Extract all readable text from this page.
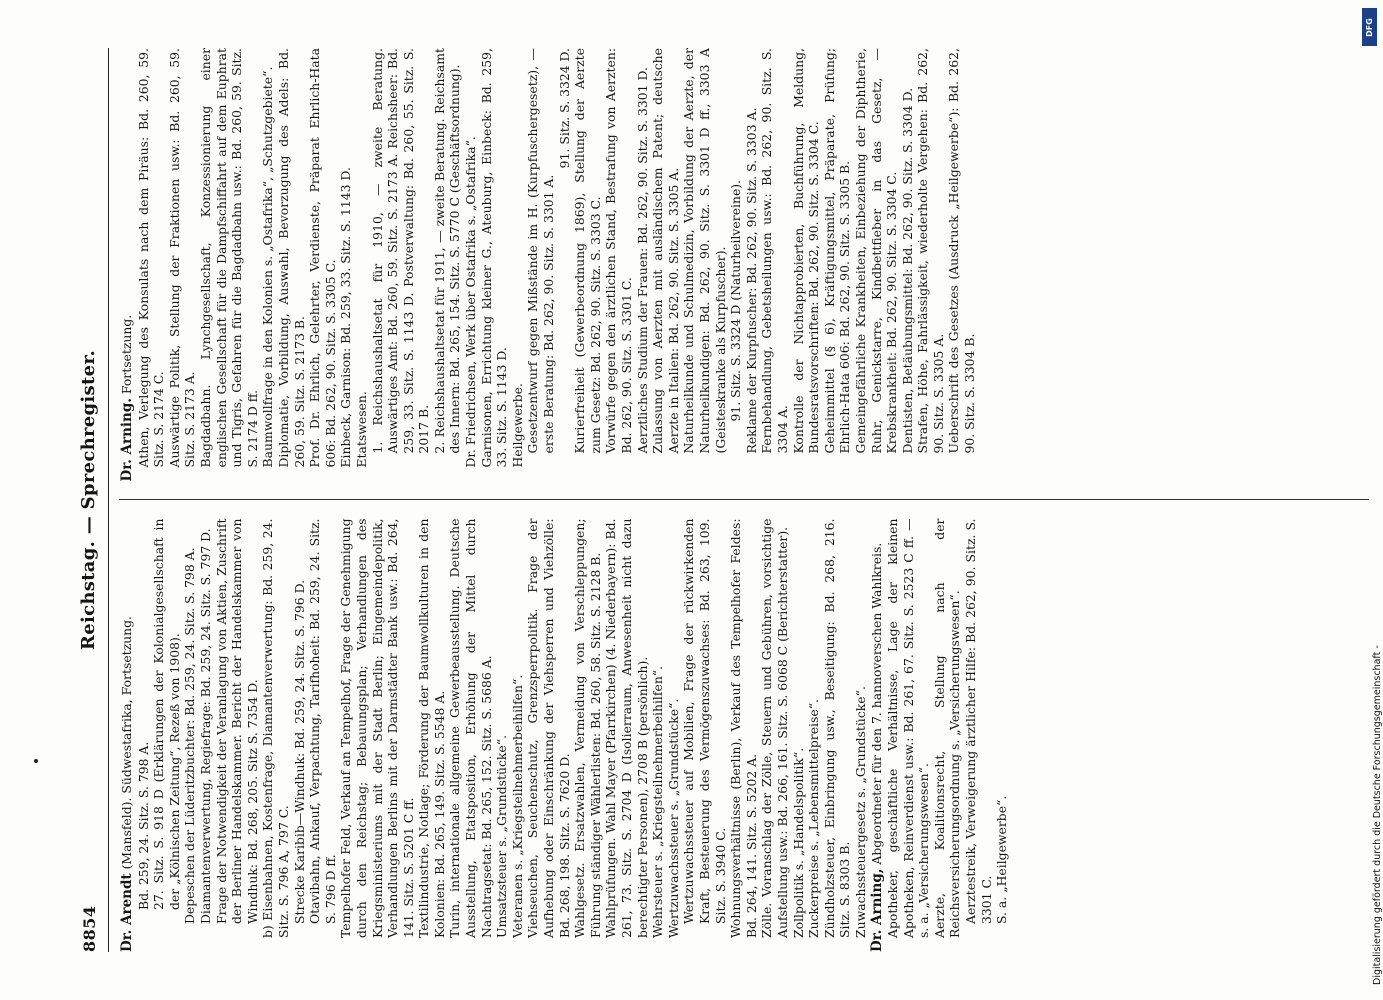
8854
Reichstag. — Sprechregister.

Dr. Arendt (Mansfeld). Südwestafrika, Fortsetzung. Bd. 259, 24. Sitz. S. 798 A. 27. Sitz. S. 918 D (Erklärungen der Kolonialgesellschaft in der „Kölnischen Zeitung“, Rezeß von 1908). Depeschen der Lüderitzbuchter: Bd. 259, 24. Sitz. S. 798 A. Diamantenverwertung, Regiefrage: Bd. 259, 24. Sitz. S. 797 D. Frage der Notwendigkeit der Veranlagung von Aktien, Zuschrift der Berliner Handelskammer. Bericht der Handelskammer von Windhuk: Bd. 268, 205. Sitz S. 7354 D. b) Eisenbahnen, Kostenfrage, Diamantenverwertung: Bd. 259, 24. Sitz. S. 796 A, 797 C. Strecke Karibib—Windhuk: Bd. 259, 24. Sitz. S. 796 D. Otavibahn, Ankauf, Verpachtung, Tarifhoheit: Bd. 259, 24. Sitz. S. 796 D ff. Tempelhofer Feld, Verkauf an Tempelhof, Frage der Genehmigung durch den Reichstag; Bebauungsplan; Verhandlungen des Kriegsministeriums mit der Stadt Berlin; Eingemeindepolitik, Verhandlungen Berlins mit der Darmstädter Bank usw.: Bd. 264, 141. Sitz. S. 5201 C ff. Textilindustrie, Notlage; Förderung der Baumwollkulturen in den Kolonien: Bd. 265, 149. Sitz. S. 5548 A. Turin, internationale allgemeine Gewerbeausstellung. Deutsche Ausstellung, Etatsposition, Erhöhung der Mittel durch Nachtragsetat: Bd. 265, 152. Sitz. S. 5686 A. Umsatzsteuer s. „Grundstücke“. Veteranen s. „Kriegsteilnehmerbeihilfen“. Viehseuchen, Seuchenschutz, Grenzsperrpolitik. Frage der Aufhebung oder Einschränkung der Viehsperren und Viehzölle: Bd. 268, 198. Sitz. S. 7620 D. Wahlgesetz. Ersatzwahlen, Vermeidung von Verschleppungen; Führung ständiger Wählerlisten: Bd. 260, 58. Sitz. S. 2128 B. Wahlprüfungen. Wahl Mayer (Pfarrkirchen) (4. Niederbayern): Bd. 261, 73. Sitz. S. 2704 D (Isolierraum, Anwesenheit nicht dazu berechtigter Personen), 2708 B (persönlich). Wehrsteuer s. „Kriegsteilnehmerbeihilfen“. Wertzuwachssteuer s. „Grundstücke“. Wertzuwachssteuer auf Mobilien, Frage der rückwirkenden Kraft, Besteuerung des Vermögenszuwachses: Bd. 263, 109. Sitz. S. 3940 C. Wohnungsverhältnisse (Berlin), Verkauf des Tempelhofer Feldes: Bd. 264, 141. Sitz. S. 5202 A. Zölle. Voranschlag der Zölle, Steuern und Gebühren, vorsichtige Aufstellung usw.: Bd. 266, 161. Sitz. S. 6068 C (Berichterstatter). Zollpolitik s. „Handelspolitik“. Zuckerpreise s. „Lebensmittelpreise“. Zündholzsteuer, Einbringung usw., Beseitigung: Bd. 268, 216. Sitz. S. 8303 B. Zuwachssteuergesetz s. „Grundstücke“. Dr. Arning, Abgeordneter für den 7. hannoverschen Wahlkreis. Apotheker, geschäftliche Verhältnisse, Lage der kleinen Apotheken, Reinverdienst usw.: Bd. 261, 67. Sitz. S. 2523 C ff. — s. a. „Versicherungswesen“. Aerzte, Koalitionsrecht, Stellung nach der Reichsversicherungsordnung s. „Versicherungswesen“. Aerztestreik, Verweigerung ärztlicher Hilfe: Bd. 262, 90. Sitz. S. 3301 C. S. a. „Heilgewerbe“.

Dr. Arning. Fortsetzung. Athen, Verlegung des Konsulats nach dem Piräus: Bd. 260, 59. Sitz. S. 2174 C. Auswärtige Politik, Stellung der Fraktionen usw.: Bd. 260, 59. Sitz. S. 2173 A. Bagdadbahn. Lynchgesellschaft, Konzessionierung einer englischen Gesellschaft für die Dampfschiffahrt auf dem Euphrat und Tigris, Gefahren für die Bagdadbahn usw.: Bd. 260, 59. Sitz. S. 2174 D ff. Baumwollfrage in den Kolonien s. „Ostafrika“, „Schutzgebiete“. Diplomatie, Vorbildung, Auswahl, Bevorzugung des Adels: Bd. 260, 59. Sitz. S. 2173 B. Prof. Dr. Ehrlich, Gelehrter, Verdienste, Präparat Ehrlich-Hata 606: Bd. 262, 90. Sitz. S. 3305 C. Einbeck, Garnison: Bd. 259, 33. Sitz. S. 1143 D. Etatswesen. 1. Reichshaushaltsetat für 1910, — zweite Beratung. Auswärtiges Amt: Bd. 260, 59. Sitz. S. 2173 A. Reichsheer: Bd. 259, 33. Sitz. S. 1143 D. Postverwaltung: Bd. 260, 55. Sitz. S. 2017 B. 2. Reichshaushaltsetat für 1911, — zweite Beratung. Reichsamt des Innern: Bd. 265, 154. Sitz. S. 5770 C (Geschäftsordnung). Dr. Friedrichsen, Werk über Ostafrika s. „Ostafrika“. Garnisonen, Errichtung kleiner G., Ateuburg, Einbeck: Bd. 259, 33. Sitz. S. 1143 D. Heilgewerbe. Gesetzentwurf gegen Mißstände im H. (Kurpfuschergesetz), — erste Beratung: Bd. 262, 90. Sitz. S. 3301 A.

91. Sitz. S. 3324 D. Kurierfreiheit (Gewerbeordnung 1869), Stellung der Aerzte zum Gesetz: Bd. 262, 90. Sitz. S. 3303 C. Vorwürfe gegen den ärztlichen Stand, Bestrafung von Aerzten: Bd. 262, 90. Sitz. S. 3301 C. Aerztliches Studium der Frauen: Bd. 262, 90. Sitz. S. 3301 D. Zulassung von Aerzten mit ausländischem Patent; deutsche Aerzte in Italien: Bd. 262, 90. Sitz. S. 3305 A. Naturheilkunde und Schulmedizin, Vorbildung der Aerzte, der Naturheilkundigen: Bd. 262, 90. Sitz. S. 3301 D ff., 3303 A (Geisteskranke als Kurpfuscher). 91. Sitz. S. 3324 D (Naturheilvereine). Reklame der Kurpfuscher: Bd. 262, 90. Sitz. S. 3303 A. Fernbehandlung, Gebetsheilungen usw.: Bd. 262, 90. Sitz. S. 3304 A. Kontrolle der Nichtapprobierten, Buchführung, Meldung, Bundesratsvorschriften: Bd. 262, 90. Sitz. S. 3304 C. Geheimmittel (§ 6), Kräftigungsmittel, Präparate, Prüfung; Ehrlich-Hata 606: Bd. 262, 90. Sitz. S. 3305 B. Gemeingefährliche Krankheiten, Einbeziehung der Diphtherie, Ruhr, Genickstarre, Kindbettfieber in das Gesetz, — Krebskrankheit: Bd. 262, 90. Sitz. S. 3304 C. Dentisten, Betäubungsmittel: Bd. 262, 90. Sitz. S. 3304 D. Strafen, Höhe, Fahrlässigkeit, wiederholte Vergehen: Bd. 262, 90. Sitz. S. 3305 A. Ueberschrift des Gesetzes (Ausdruck „Heilgewerbe“): Bd. 262, 90. Sitz. S. 3304 B.

Digitalisierung gefördert durch die Deutsche Forschungsgemeinschaft -
DFG
